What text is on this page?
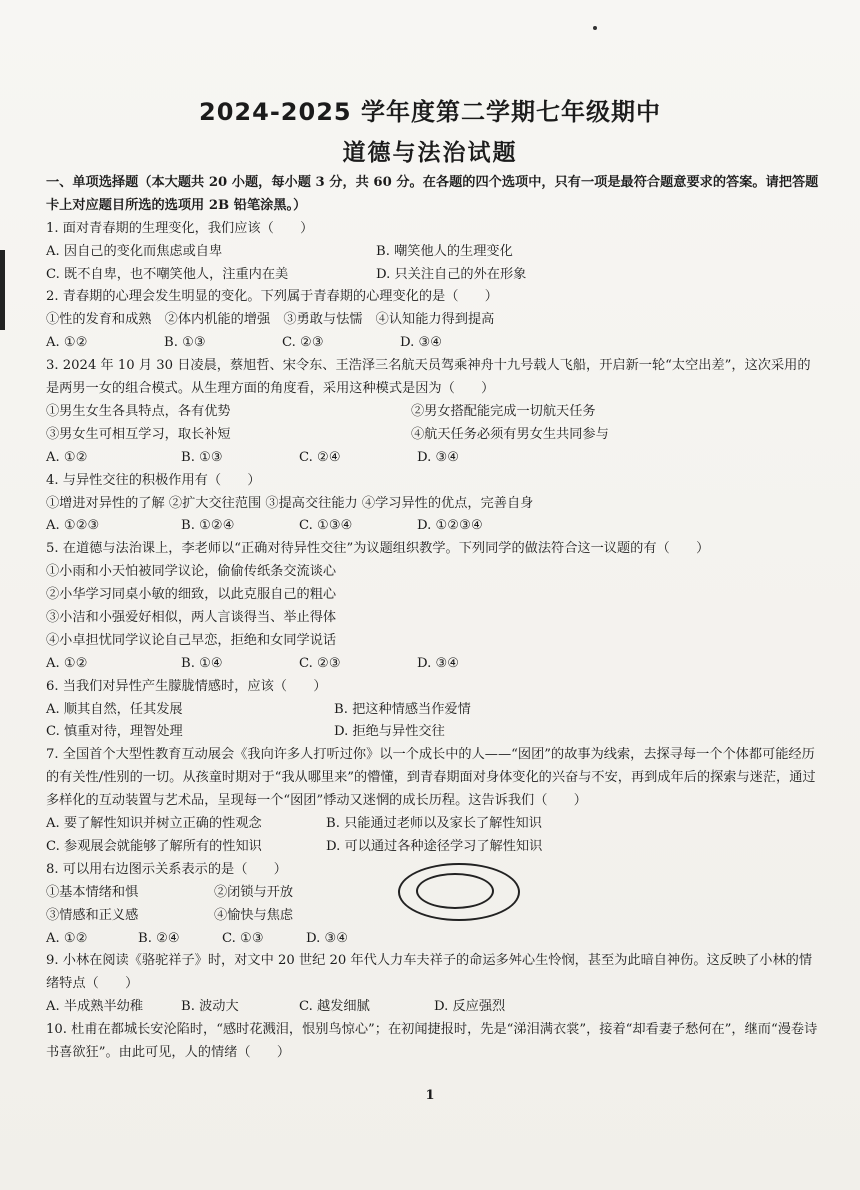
2024-2025 学年度第二学期七年级期中
道德与法治试题
一、单项选择题（本大题共 20 小题，每小题 3 分，共 60 分。在各题的四个选项中，只有一项是最符合题意要求的答案。请把答题卡上对应题目所选的选项用 2B 铅笔涂黑。）
1. 面对青春期的生理变化，我们应该（　　）
A. 因自己的变化而焦虑或自卑	B. 嘲笑他人的生理变化
C. 既不自卑，也不嘲笑他人，注重内在美	D. 只关注自己的外在形象
2. 青春期的心理会发生明显的变化。下列属于青春期的心理变化的是（　　）
①性的发育和成熟　②体内机能的增强　③勇敢与怯懦　④认知能力得到提高
A. ①②	B. ①③	C. ②③	D. ③④
3. 2024 年 10 月 30 日凌晨，蔡旭哲、宋令东、王浩泽三名航天员驾乘神舟十九号载人飞船，开启新一轮“太空出差”，这次采用的是两男一女的组合模式。从生理方面的角度看，采用这种模式是因为（　　）
①男生女生各具特点，各有优势	②男女搭配能完成一切航天任务
③男女生可相互学习，取长补短	④航天任务必须有男女生共同参与
A. ①②	B. ①③	C. ②④	D. ③④
4. 与异性交往的积极作用有（　　）
①增进对异性的了解 ②扩大交往范围 ③提高交往能力 ④学习异性的优点，完善自身
A. ①②③	B. ①②④	C. ①③④	D. ①②③④
5. 在道德与法治课上，李老师以“正确对待异性交往”为议题组织教学。下列同学的做法符合这一议题的有（　　）
①小雨和小天怕被同学议论，偷偷传纸条交流谈心
②小华学习同桌小敏的细致，以此克服自己的粗心
③小洁和小强爱好相似，两人言谈得当、举止得体
④小卓担忧同学议论自己早恋，拒绝和女同学说话
A. ①②	B. ①④	C. ②③	D. ③④
6. 当我们对异性产生朦胧情感时，应该（　　）
A. 顺其自然，任其发展	B. 把这种情感当作爱情
C. 慎重对待，理智处理	D. 拒绝与异性交往
7. 全国首个大型性教育互动展会《我向许多人打听过你》以一个成长中的人——“囡团”的故事为线索，去探寻每一个个体都可能经历的有关性/性别的一切。从孩童时期对于“我从哪里来”的懵懂，到青春期面对身体变化的兴奋与不安，再到成年后的探索与迷茫，通过多样化的互动装置与艺术品，呈现每一个“囡团”悸动又迷惘的成长历程。这告诉我们（　　）
A. 要了解性知识并树立正确的性观念	B. 只能通过老师以及家长了解性知识
C. 参观展会就能够了解所有的性知识	D. 可以通过各种途径学习了解性知识
8. 可以用右边图示关系表示的是（　　）
①基本情绪和惧	②闭锁与开放
③情感和正义感	④愉快与焦虑
A. ①②	B. ②④	C. ①③	D. ③④
9. 小林在阅读《骆驼祥子》时，对文中 20 世纪 20 年代人力车夫祥子的命运多舛心生怜悯，甚至为此暗自神伤。这反映了小林的情绪特点（　　）
A. 半成熟半幼稚	B. 波动大	C. 越发细腻	D. 反应强烈
10. 杜甫在都城长安沦陷时，“感时花溅泪，恨别鸟惊心”；在初闻捷报时，先是“涕泪满衣裳”，接着“却看妻子愁何在”，继而“漫卷诗书喜欲狂”。由此可见，人的情绪（　　）
1
